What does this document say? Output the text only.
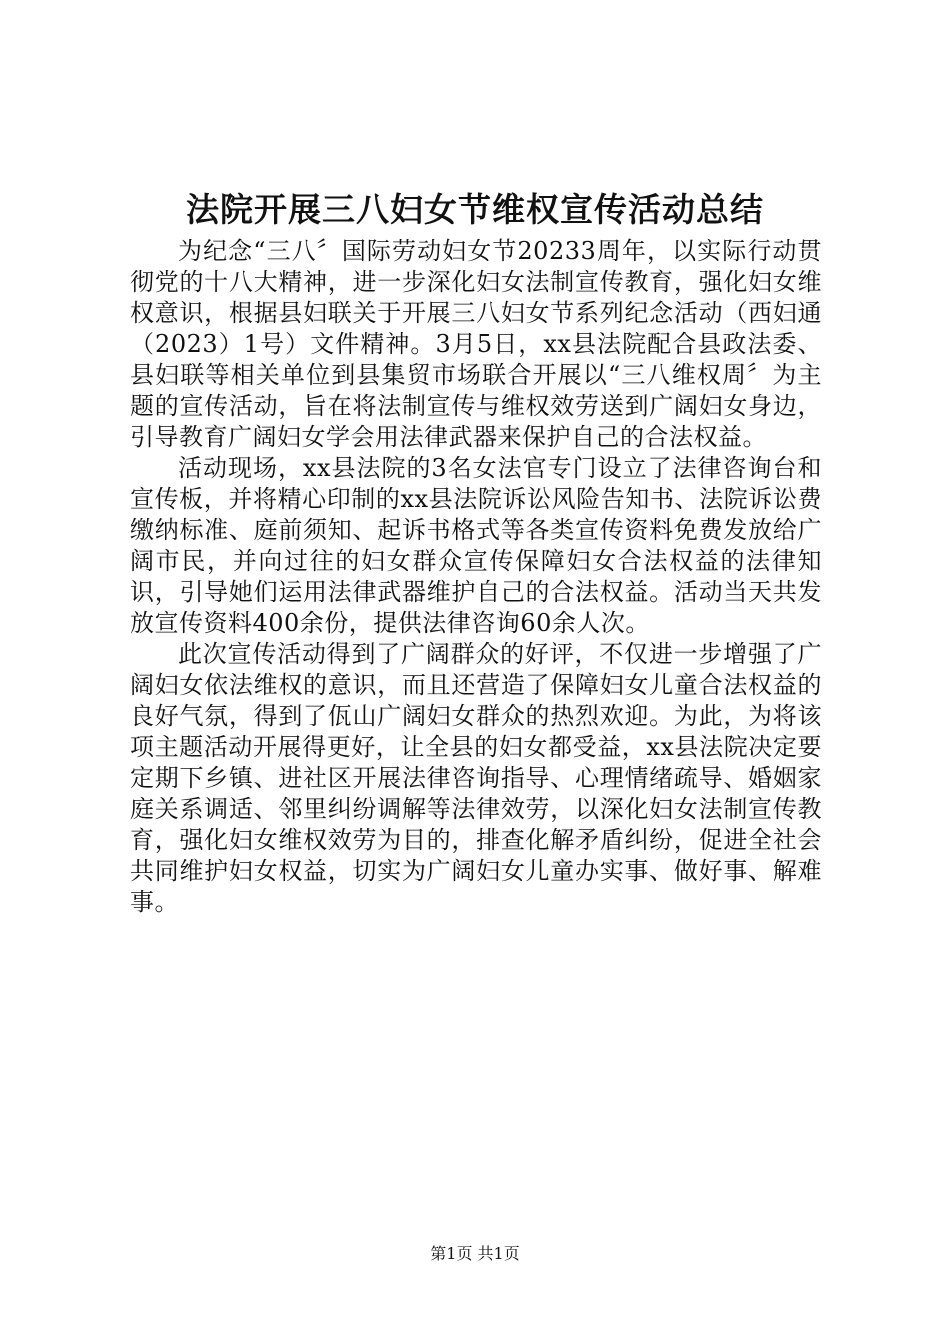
法院开展三八妇女节维权宣传活动总结

为纪念“三八〞国际劳动妇女节20233周年，以实际行动贯彻党的十八大精神，进一步深化妇女法制宣传教育，强化妇女维权意识，根据县妇联关于开展三八妇女节系列纪念活动（西妇通（2023）1号）文件精神。3月5日，xx县法院配合县政法委、县妇联等相关单位到县集贸市场联合开展以“三八维权周〞为主题的宣传活动，旨在将法制宣传与维权效劳送到广阔妇女身边，引导教育广阔妇女学会用法律武器来保护自己的合法权益。

活动现场，xx县法院的3名女法官专门设立了法律咨询台和宣传板，并将精心印制的xx县法院诉讼风险告知书、法院诉讼费缴纳标准、庭前须知、起诉书格式等各类宣传资料免费发放给广阔市民，并向过往的妇女群众宣传保障妇女合法权益的法律知识，引导她们运用法律武器维护自己的合法权益。活动当天共发放宣传资料400余份，提供法律咨询60余人次。

此次宣传活动得到了广阔群众的好评，不仅进一步增强了广阔妇女依法维权的意识，而且还营造了保障妇女儿童合法权益的良好气氛，得到了佤山广阔妇女群众的热烈欢迎。为此，为将该项主题活动开展得更好，让全县的妇女都受益，xx县法院决定要定期下乡镇、进社区开展法律咨询指导、心理情绪疏导、婚姻家庭关系调适、邻里纠纷调解等法律效劳，以深化妇女法制宣传教育，强化妇女维权效劳为目的，排查化解矛盾纠纷，促进全社会共同维护妇女权益，切实为广阔妇女儿童办实事、做好事、解难事。

第1页 共1页
